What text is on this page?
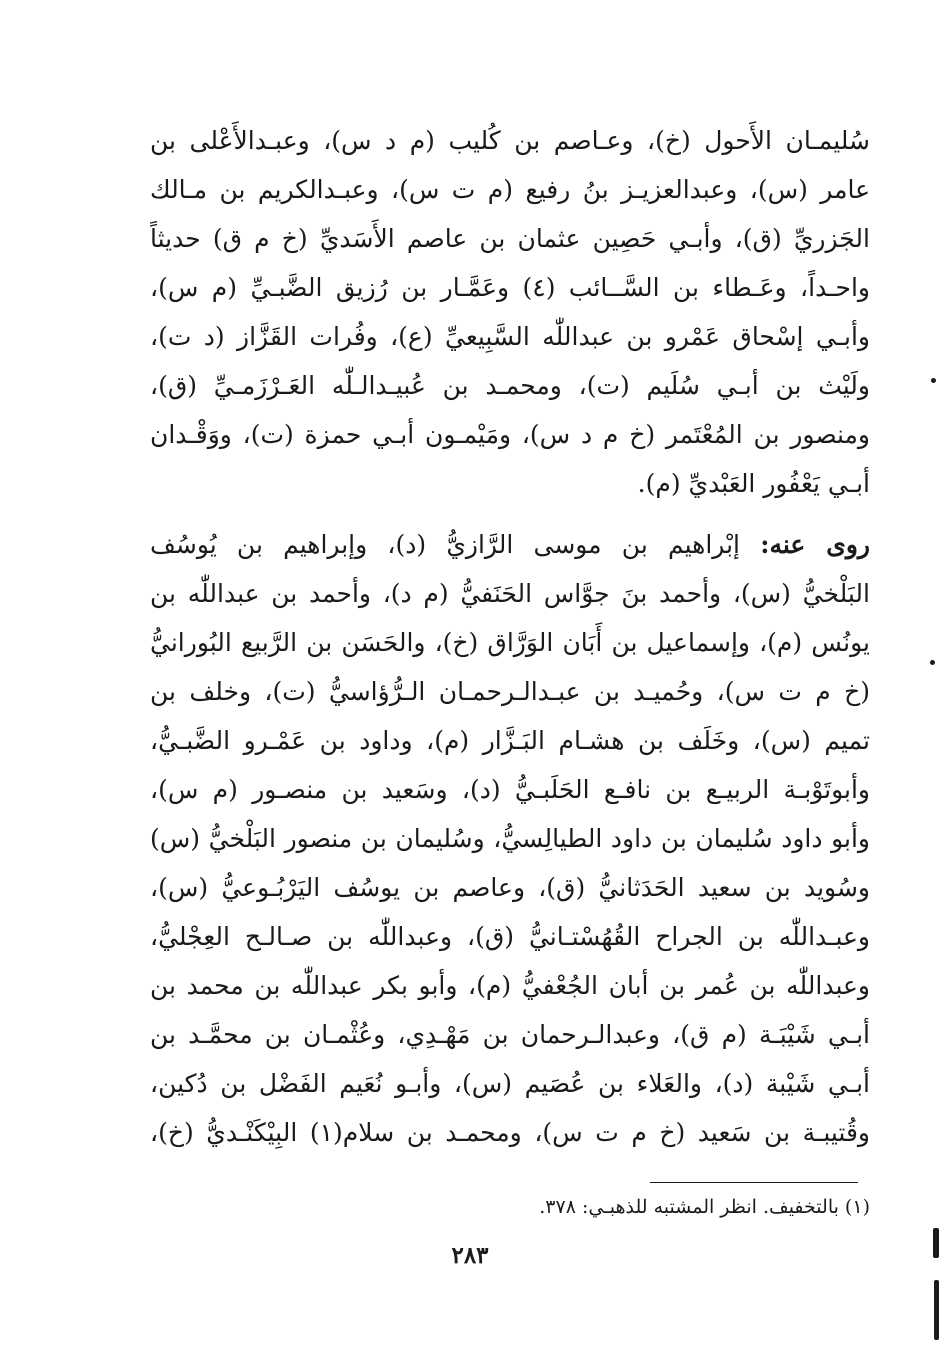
سُليمـان الأَحول (خ)، وعـاصم بن كُليب (م د س)، وعبـدالأَعْلى بن
عامر (س)، وعبدالعزيـز بنُ رفيع (م ت س)، وعبـدالكريم بن مـالك
الجَزريِّ (ق)، وأبـي حَصِين عثمان بن عاصم الأَسَديِّ (خ م ق) حديثاً
واحـداً، وعَـطاء بن السَّــائب (٤) وعَمَّـار بن رُزيق الضَّبـيِّ (م س)،
وأبـي إسْحاق عَمْرو بن عبداللّٰه السَّبِيعيِّ (ع)، وفُرات القَزَّاز (د ت)،
ولَيْث بن أبـي سُلَيم (ت)، ومحمـد بن عُبيـدالـلّٰه العَـرْزَمـيِّ (ق)،
ومنصور بن المُعْتَمر (خ م د س)، ومَيْمـون أبـي حمزة (ت)، ووَقْـدان
أبـي يَعْفُور العَبْديِّ (م).
روى عنه: إبْراهيم بن موسى الرَّازيُّ (د)، وإبراهيم بن يُوسُف
البَلْخيُّ (س)، وأحمد بنَ جوَّاس الحَنَفيُّ (م د)، وأحمد بن عبداللّٰه بن
يونُس (م)، وإسماعيل بن أَبَان الوَرَّاق (خ)، والحَسَن بن الرَّبيع البُورانيُّ
(خ م ت س)، وحُميـد بن عبـدالـرحمـان الـرُّؤاسيُّ (ت)، وخلف بن
تميم (س)، وخَلَف بن هشـام البَـزَّار (م)، وداود بن عَمْـرو الضَّبـيُّ،
وأبوتَوْبـة الربيـع بن نافـع الحَلَبـيُّ (د)، وسَعيد بن منصـور (م س)،
وأبو داود سُليمان بن داود الطيالِسيُّ، وسُليمان بن منصور البَلْخيُّ (س)
وسُويد بن سعيد الحَدَثانيُّ (ق)، وعاصم بن يوسُف اليَرْبُـوعيُّ (س)،
وعبـداللّٰه بن الجراح القُهُسْتـانيُّ (ق)، وعبداللّٰه بن صـالـح العِجْليُّ،
وعبداللّٰه بن عُمر بن أبان الجُعْفيُّ (م)، وأبو بكر عبداللّٰه بن محمد بن
أبـي شَيْبَـة (م ق)، وعبدالـرحمان بن مَهْـدِي، وعُثْمـان بن محمَّـد بن
أبـي شَيْبة (د)، والعَلاء بن عُصَيم (س)، وأبـو نُعَيم الفَضْل بن دُكين،
وقُتيبـة بن سَعيد (خ م ت س)، ومحمـد بن سلام(١) البِيْكَنْـديُّ (خ)،
(١) بالتخفيف. انظر المشتبه للذهبـي: ٣٧٨.
٢٨٣
